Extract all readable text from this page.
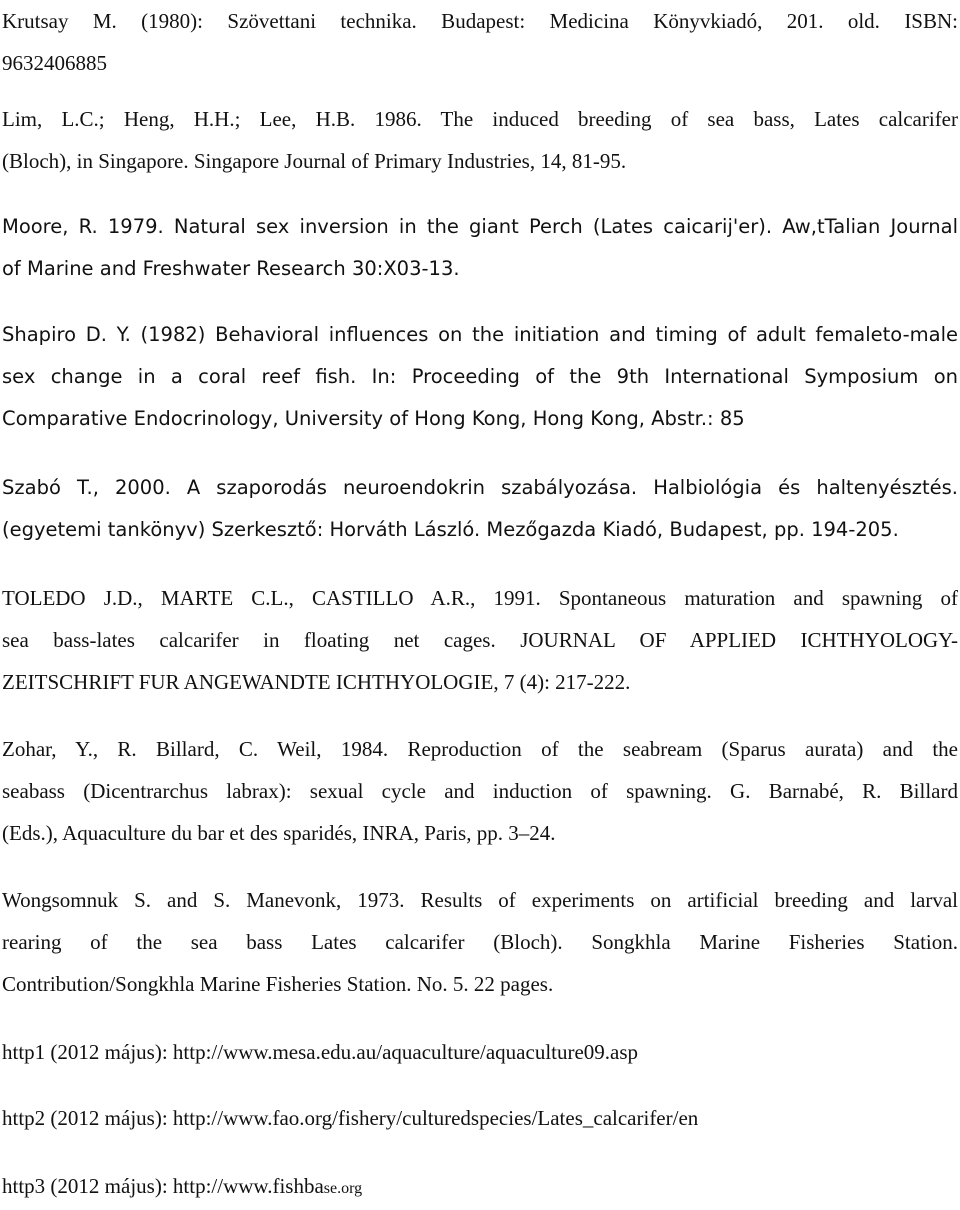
Krutsay M. (1980): Szövettani technika. Budapest: Medicina Könyvkiadó, 201. old. ISBN:
9632406885

Lim, L.C.; Heng, H.H.; Lee, H.B. 1986. The induced breeding of sea bass, Lates calcarifer
(Bloch), in Singapore. Singapore Journal of Primary Industries, 14, 81-95.

Moore, R. 1979. Natural sex inversion in the giant Perch (Lates caicarij'er). Aw,tTalian Journal
of Marine and Freshwater Research 30:X03-13.

Shapiro D. Y. (1982) Behavioral influences on the initiation and timing of adult femaleto-male
sex change in a coral reef fish. In: Proceeding of the 9th International Symposium on
Comparative Endocrinology, University of Hong Kong, Hong Kong, Abstr.: 85

Szabó T., 2000. A szaporodás neuroendokrin szabályozása. Halbiológia és haltenyésztés.
(egyetemi tankönyv) Szerkesztő: Horváth László. Mezőgazda Kiadó, Budapest, pp. 194-205.

TOLEDO J.D., MARTE C.L., CASTILLO A.R., 1991. Spontaneous maturation and spawning of
sea bass-lates calcarifer in floating net cages. JOURNAL OF APPLIED ICHTHYOLOGY-
ZEITSCHRIFT FUR ANGEWANDTE ICHTHYOLOGIE, 7 (4): 217-222.

Zohar, Y., R. Billard, C. Weil, 1984. Reproduction of the seabream (Sparus aurata) and the
seabass (Dicentrarchus labrax): sexual cycle and induction of spawning. G. Barnabé, R. Billard
(Eds.), Aquaculture du bar et des sparidés, INRA, Paris, pp. 3–24.

Wongsomnuk S. and S. Manevonk, 1973. Results of experiments on artificial breeding and larval
rearing of the sea bass Lates calcarifer (Bloch). Songkhla Marine Fisheries Station.
Contribution/Songkhla Marine Fisheries Station. No. 5. 22 pages.

http1 (2012 május): http://www.mesa.edu.au/aquaculture/aquaculture09.asp

http2 (2012 május): http://www.fao.org/fishery/culturedspecies/Lates_calcarifer/en

http3 (2012 május): http://www.fishbase.org
